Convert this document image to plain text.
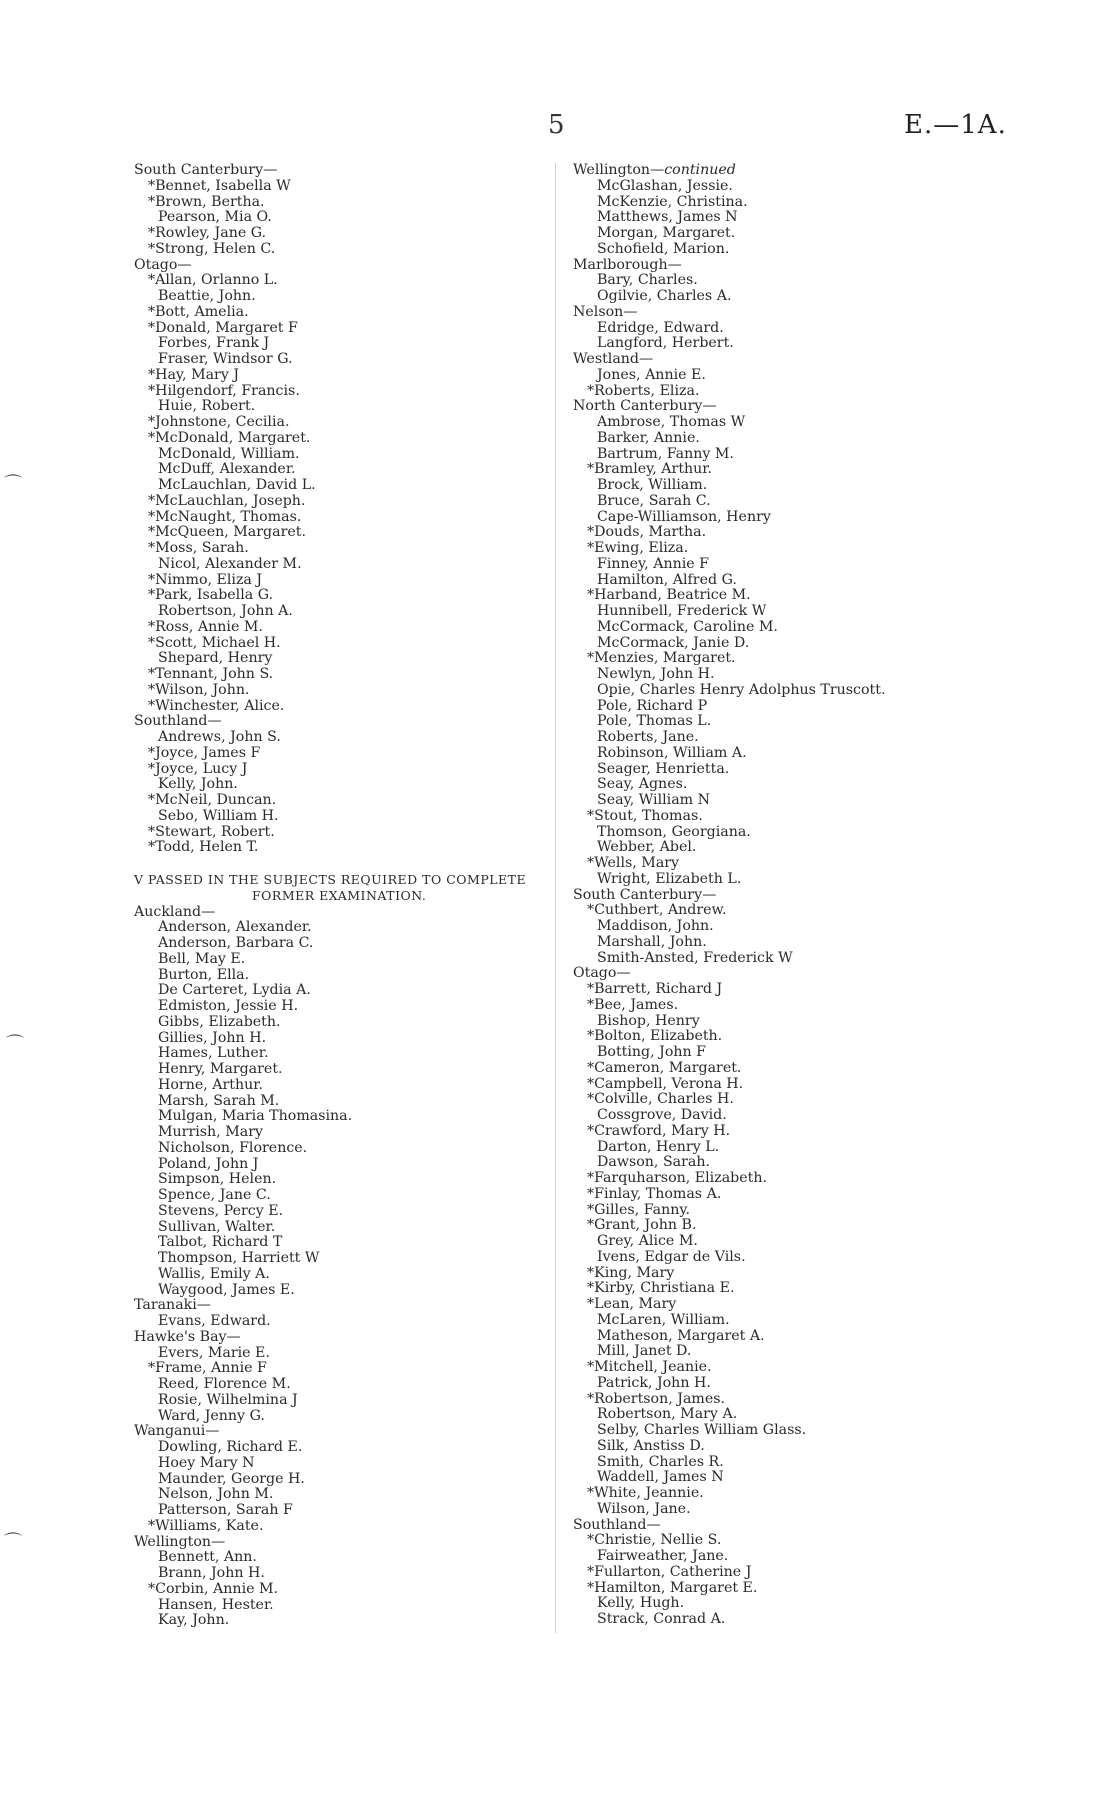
5	E.—1A.
⌒
⌒
⌒
South Canterbury—
*Bennet, Isabella W
*Brown, Bertha.
Pearson, Mia O.
*Rowley, Jane G.
*Strong, Helen C.
Otago—
*Allan, Orlanno L.
Beattie, John.
*Bott, Amelia.
*Donald, Margaret F
Forbes, Frank J
Fraser, Windsor G.
*Hay, Mary J
*Hilgendorf, Francis.
Huie, Robert.
*Johnstone, Cecilia.
*McDonald, Margaret.
McDonald, William.
McDuff, Alexander.
McLauchlan, David L.
*McLauchlan, Joseph.
*McNaught, Thomas.
*McQueen, Margaret.
*Moss, Sarah.
Nicol, Alexander M.
*Nimmo, Eliza J
*Park, Isabella G.
Robertson, John A.
*Ross, Annie M.
*Scott, Michael H.
Shepard, Henry
*Tennant, John S.
*Wilson, John.
*Winchester, Alice.
Southland—
Andrews, John S.
*Joyce, James F
*Joyce, Lucy J
Kelly, John.
*McNeil, Duncan.
Sebo, William H.
*Stewart, Robert.
*Todd, Helen T.
V PASSED IN THE SUBJECTS REQUIRED TO COMPLETE
FORMER EXAMINATION.
Auckland—
Anderson, Alexander.
Anderson, Barbara C.
Bell, May E.
Burton, Ella.
De Carteret, Lydia A.
Edmiston, Jessie H.
Gibbs, Elizabeth.
Gillies, John H.
Hames, Luther.
Henry, Margaret.
Horne, Arthur.
Marsh, Sarah M.
Mulgan, Maria Thomasina.
Murrish, Mary
Nicholson, Florence.
Poland, John J
Simpson, Helen.
Spence, Jane C.
Stevens, Percy E.
Sullivan, Walter.
Talbot, Richard T
Thompson, Harriett W
Wallis, Emily A.
Waygood, James E.
Taranaki—
Evans, Edward.
Hawke's Bay—
Evers, Marie E.
*Frame, Annie F
Reed, Florence M.
Rosie, Wilhelmina J
Ward, Jenny G.
Wanganui—
Dowling, Richard E.
Hoey Mary N
Maunder, George H.
Nelson, John M.
Patterson, Sarah F
*Williams, Kate.
Wellington—
Bennett, Ann.
Brann, John H.
*Corbin, Annie M.
Hansen, Hester.
Kay, John.
Wellington—continued
McGlashan, Jessie.
McKenzie, Christina.
Matthews, James N
Morgan, Margaret.
Schofield, Marion.
Marlborough—
Bary, Charles.
Ogilvie, Charles A.
Nelson—
Edridge, Edward.
Langford, Herbert.
Westland—
Jones, Annie E.
*Roberts, Eliza.
North Canterbury—
Ambrose, Thomas W
Barker, Annie.
Bartrum, Fanny M.
*Bramley, Arthur.
Brock, William.
Bruce, Sarah C.
Cape-Williamson, Henry
*Douds, Martha.
*Ewing, Eliza.
Finney, Annie F
Hamilton, Alfred G.
*Harband, Beatrice M.
Hunnibell, Frederick W
McCormack, Caroline M.
McCormack, Janie D.
*Menzies, Margaret.
Newlyn, John H.
Opie, Charles Henry Adolphus Truscott.
Pole, Richard P
Pole, Thomas L.
Roberts, Jane.
Robinson, William A.
Seager, Henrietta.
Seay, Agnes.
Seay, William N
*Stout, Thomas.
Thomson, Georgiana.
Webber, Abel.
*Wells, Mary
Wright, Elizabeth L.
South Canterbury—
*Cuthbert, Andrew.
Maddison, John.
Marshall, John.
Smith-Ansted, Frederick W
Otago—
*Barrett, Richard J
*Bee, James.
Bishop, Henry
*Bolton, Elizabeth.
Botting, John F
*Cameron, Margaret.
*Campbell, Verona H.
*Colville, Charles H.
Cossgrove, David.
*Crawford, Mary H.
Darton, Henry L.
Dawson, Sarah.
*Farquharson, Elizabeth.
*Finlay, Thomas A.
*Gilles, Fanny.
*Grant, John B.
Grey, Alice M.
Ivens, Edgar de Vils.
*King, Mary
*Kirby, Christiana E.
*Lean, Mary
McLaren, William.
Matheson, Margaret A.
Mill, Janet D.
*Mitchell, Jeanie.
Patrick, John H.
*Robertson, James.
Robertson, Mary A.
Selby, Charles William Glass.
Silk, Anstiss D.
Smith, Charles R.
Waddell, James N
*White, Jeannie.
Wilson, Jane.
Southland—
*Christie, Nellie S.
Fairweather, Jane.
*Fullarton, Catherine J
*Hamilton, Margaret E.
Kelly, Hugh.
Strack, Conrad A.
